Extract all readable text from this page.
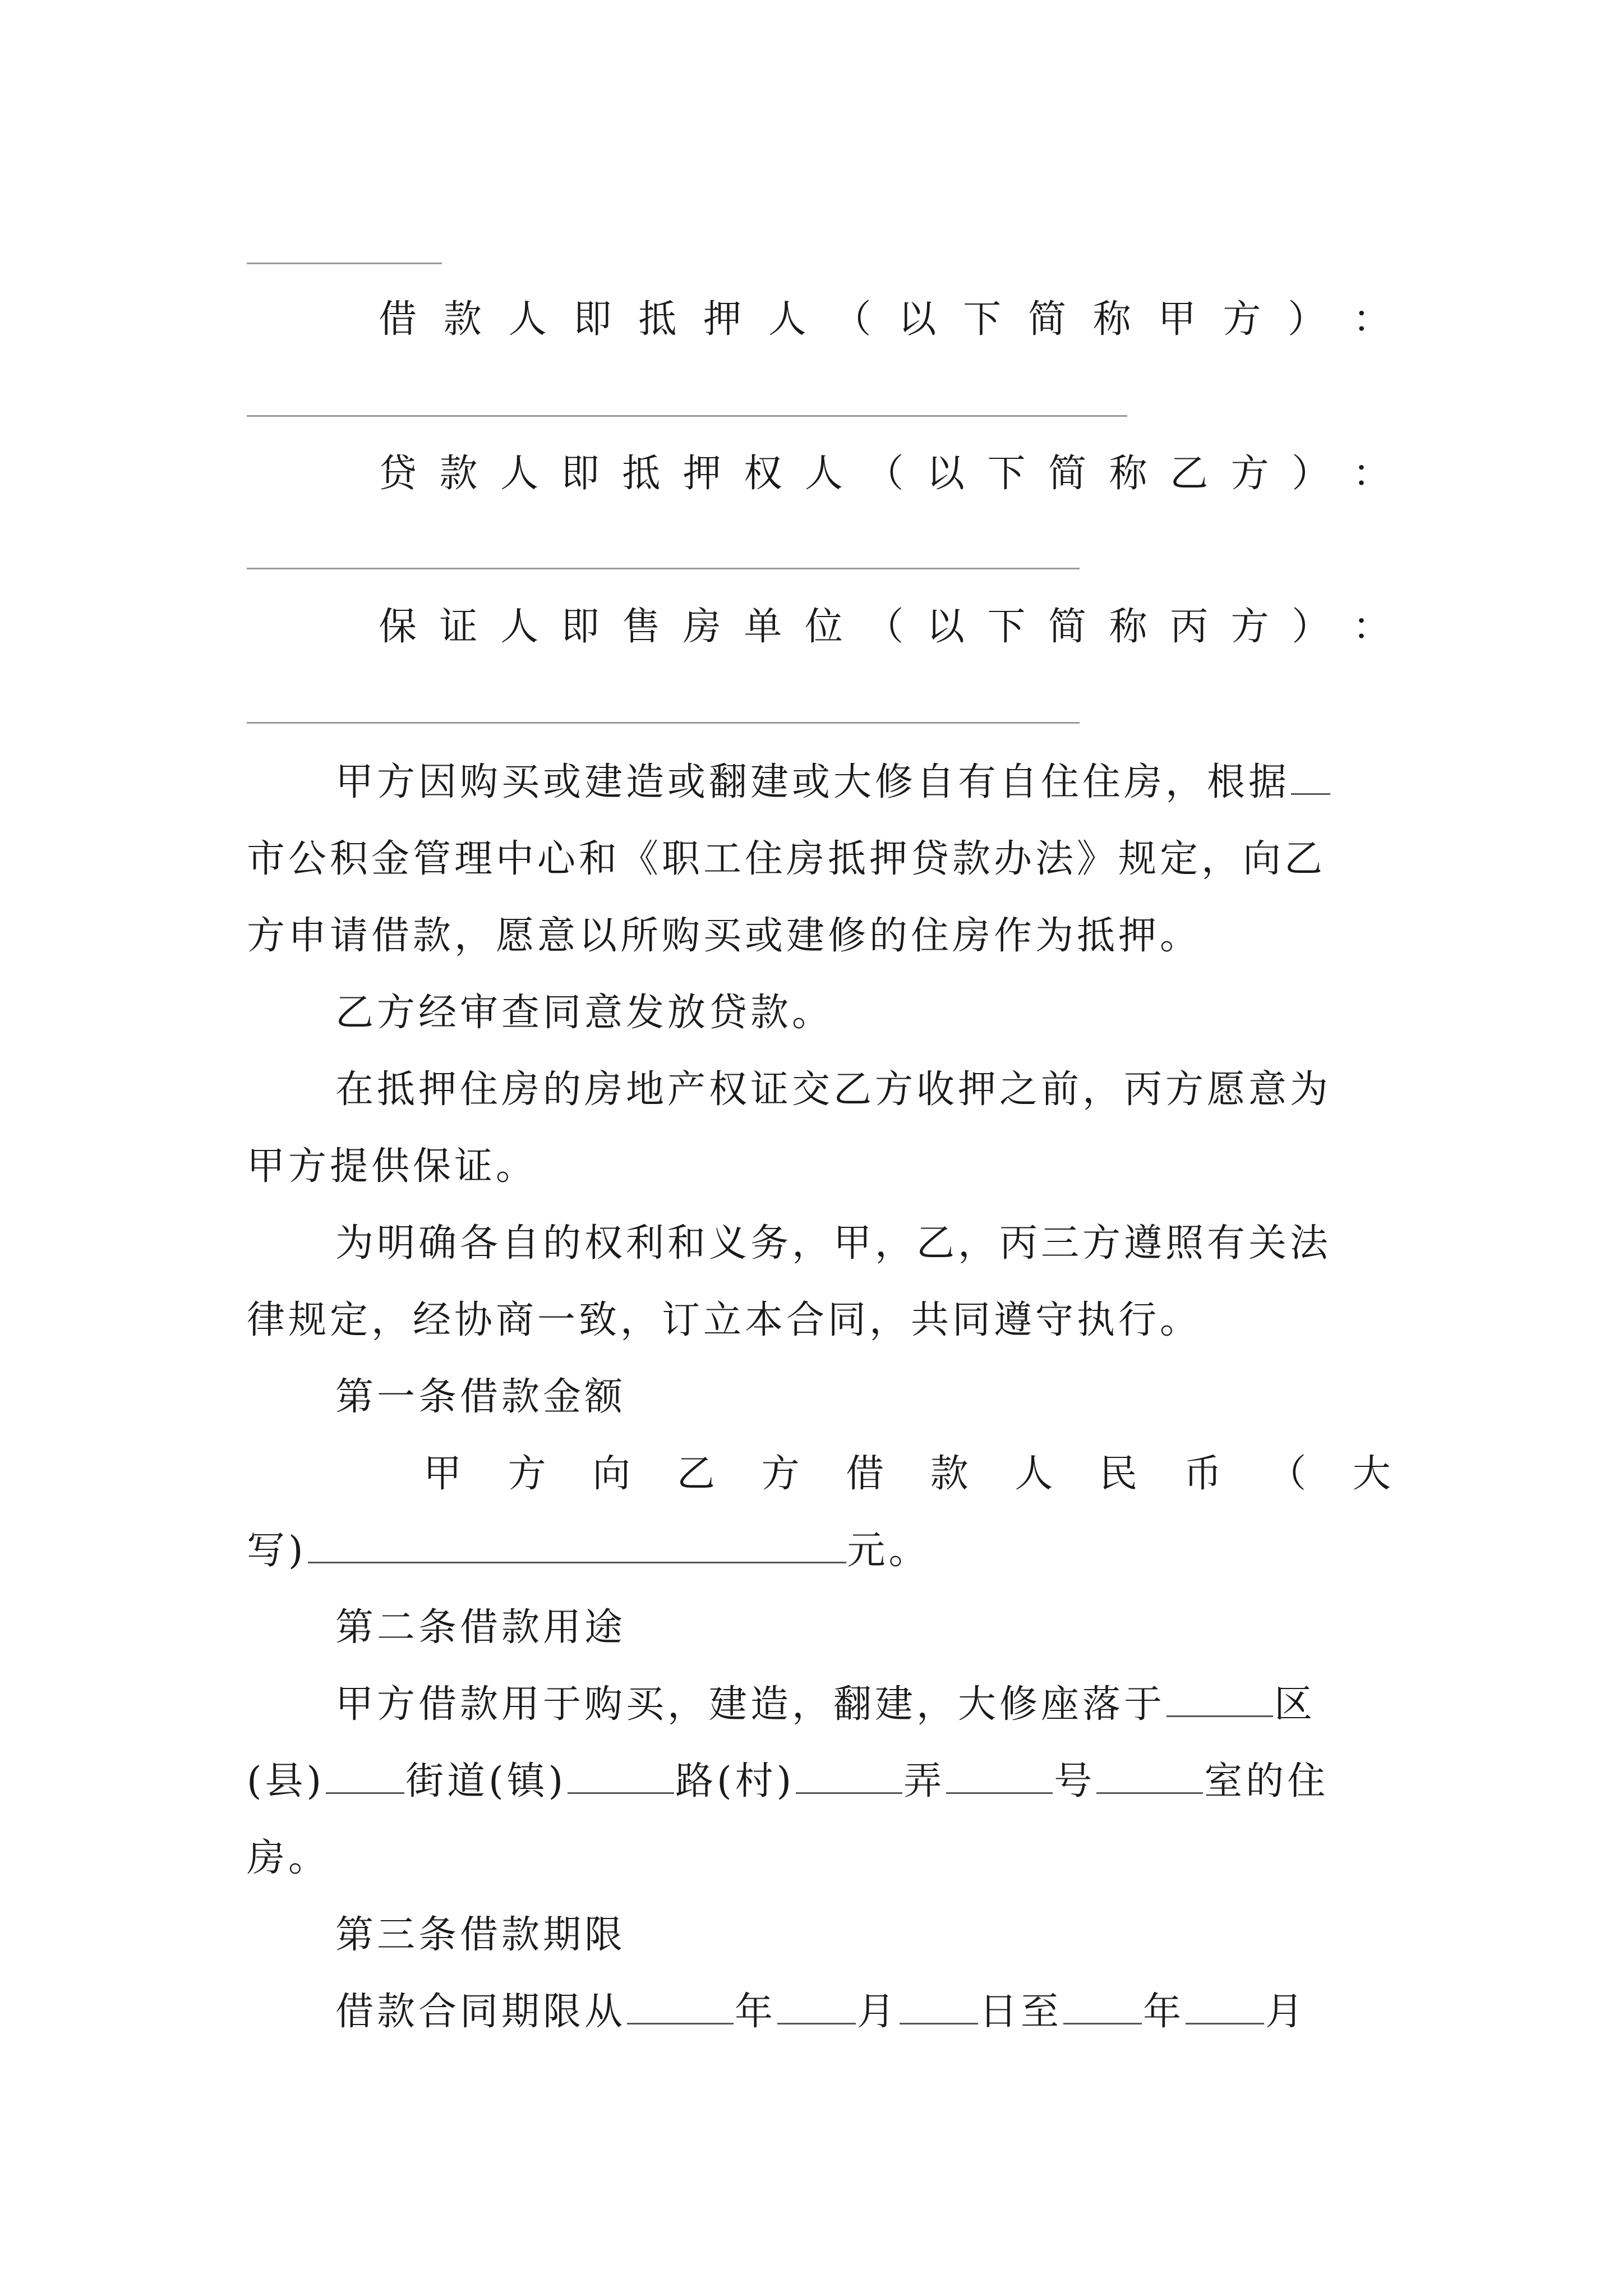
借 款 人 即 抵 押 人 （ 以 下 简 称 甲 方 ） ：
贷 款 人 即 抵 押 权 人 （ 以 下 简 称 乙 方 ） ：
保 证 人 即 售 房 单 位 （ 以 下 简 称 丙 方 ） ：
甲方因购买或建造或翻建或大修自有自住住房，根据
市公积金管理中心和《职工住房抵押贷款办法》规定，向乙
方申请借款，愿意以所购买或建修的住房作为抵押。
乙方经审查同意发放贷款。
在抵押住房的房地产权证交乙方收押之前，丙方愿意为
甲方提供保证。
为明确各自的权利和义务，甲，乙，丙三方遵照有关法
律规定，经协商一致，订立本合同，共同遵守执行。
第一条借款金额
甲 方 向 乙 方 借 款 人 民 币 （ 大
写)	元。
第二条借款用途
甲方借款用于购买，建造，翻建，大修座落于	区
(县) 街道(镇)	路(村)	弄	号	室的住
房。
第三条借款期限
借款合同期限从	年 月 日至 年 月
